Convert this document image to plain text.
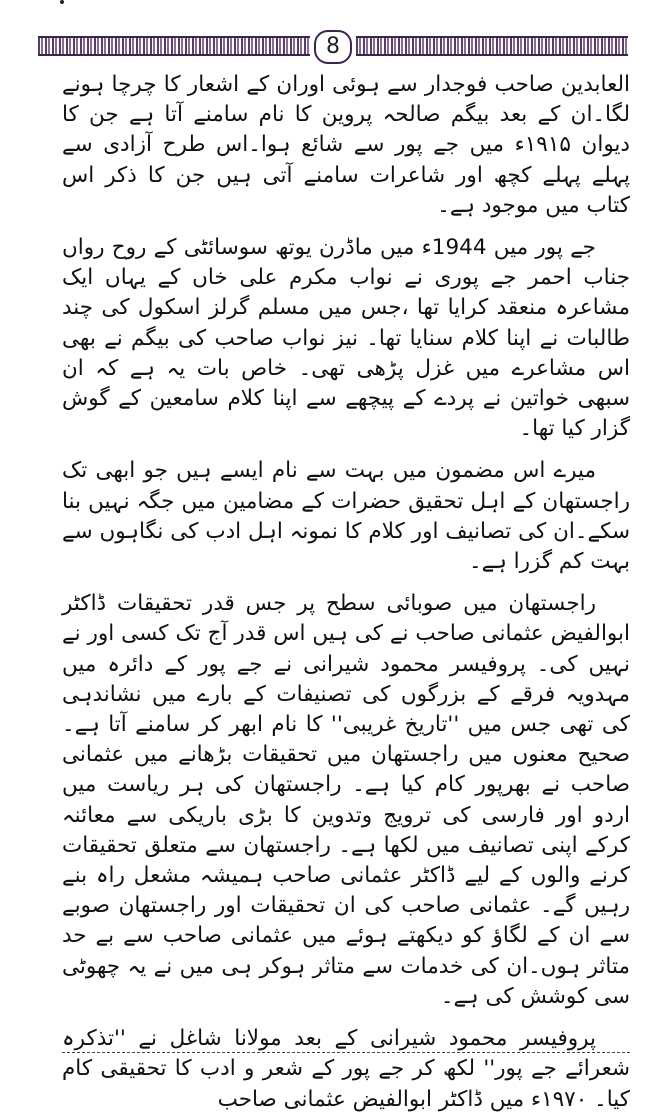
8

العابدین صاحب فوجدار سے ہوئی اوران کے اشعار کا چرچا ہونے لگا۔ان کے بعد بیگم صالحہ پروین کا نام سامنے آتا ہے جن کا دیوان ۱۹۱۵ء میں جے پور سے شائع ہوا۔اس طرح آزادی سے پہلے پہلے کچھ اور شاعرات سامنے آتی ہیں جن کا ذکر اس کتاب میں موجود ہے۔

جے پور میں 1944ء میں ماڈرن یوتھ سوسائٹی کے روح رواں جناب احمر جے پوری نے نواب مکرم علی خاں کے یہاں ایک مشاعرہ منعقد کرایا تھا ،جس میں مسلم گرلز اسکول کی چند طالبات نے اپنا کلام سنایا تھا۔ نیز نواب صاحب کی بیگم نے بھی اس مشاعرے میں غزل پڑھی تھی۔ خاص بات یہ ہے کہ ان سبھی خواتین نے پردے کے پیچھے سے اپنا کلام سامعین کے گوش گزار کیا تھا۔

میرے اس مضمون میں بہت سے نام ایسے ہیں جو ابھی تک راجستھان کے اہل تحقیق حضرات کے مضامین میں جگہ نہیں بنا سکے۔ان کی تصانیف اور کلام کا نمونہ اہل ادب کی نگاہوں سے بہت کم گزرا ہے۔

راجستھان میں صوبائی سطح پر جس قدر تحقیقات ڈاکٹر ابوالفیض عثمانی صاحب نے کی ہیں اس قدر آج تک کسی اور نے نہیں کی۔ پروفیسر محمود شیرانی نے جے پور کے دائرہ میں مہدویہ فرقے کے بزرگوں کی تصنیفات کے بارے میں نشاندہی کی تھی جس میں ''تاریخ غریبی'' کا نام ابھر کر سامنے آتا ہے۔ صحیح معنوں میں راجستھان میں تحقیقات بڑھانے میں عثمانی صاحب نے بھرپور کام کیا ہے۔ راجستھان کی ہر ریاست میں اردو اور فارسی کی ترویج وتدوین کا بڑی باریکی سے معائنہ کرکے اپنی تصانیف میں لکھا ہے۔ راجستھان سے متعلق تحقیقات کرنے والوں کے لیے ڈاکٹر عثمانی صاحب ہمیشہ مشعل راہ بنے رہیں گے۔ عثمانی صاحب کی ان تحقیقات اور راجستھان صوبے سے ان کے لگاؤ کو دیکھتے ہوئے میں عثمانی صاحب سے بے حد متاثر ہوں۔ان کی خدمات سے متاثر ہوکر ہی میں نے یہ چھوٹی سی کوشش کی ہے۔

پروفیسر محمود شیرانی کے بعد مولانا شاغل نے ''تذکرہ شعرائے جے پور'' لکھ کر جے پور کے شعر و ادب کا تحقیقی کام کیا۔ ۱۹۷۰ء میں ڈاکٹر ابوالفیض عثمانی صاحب
